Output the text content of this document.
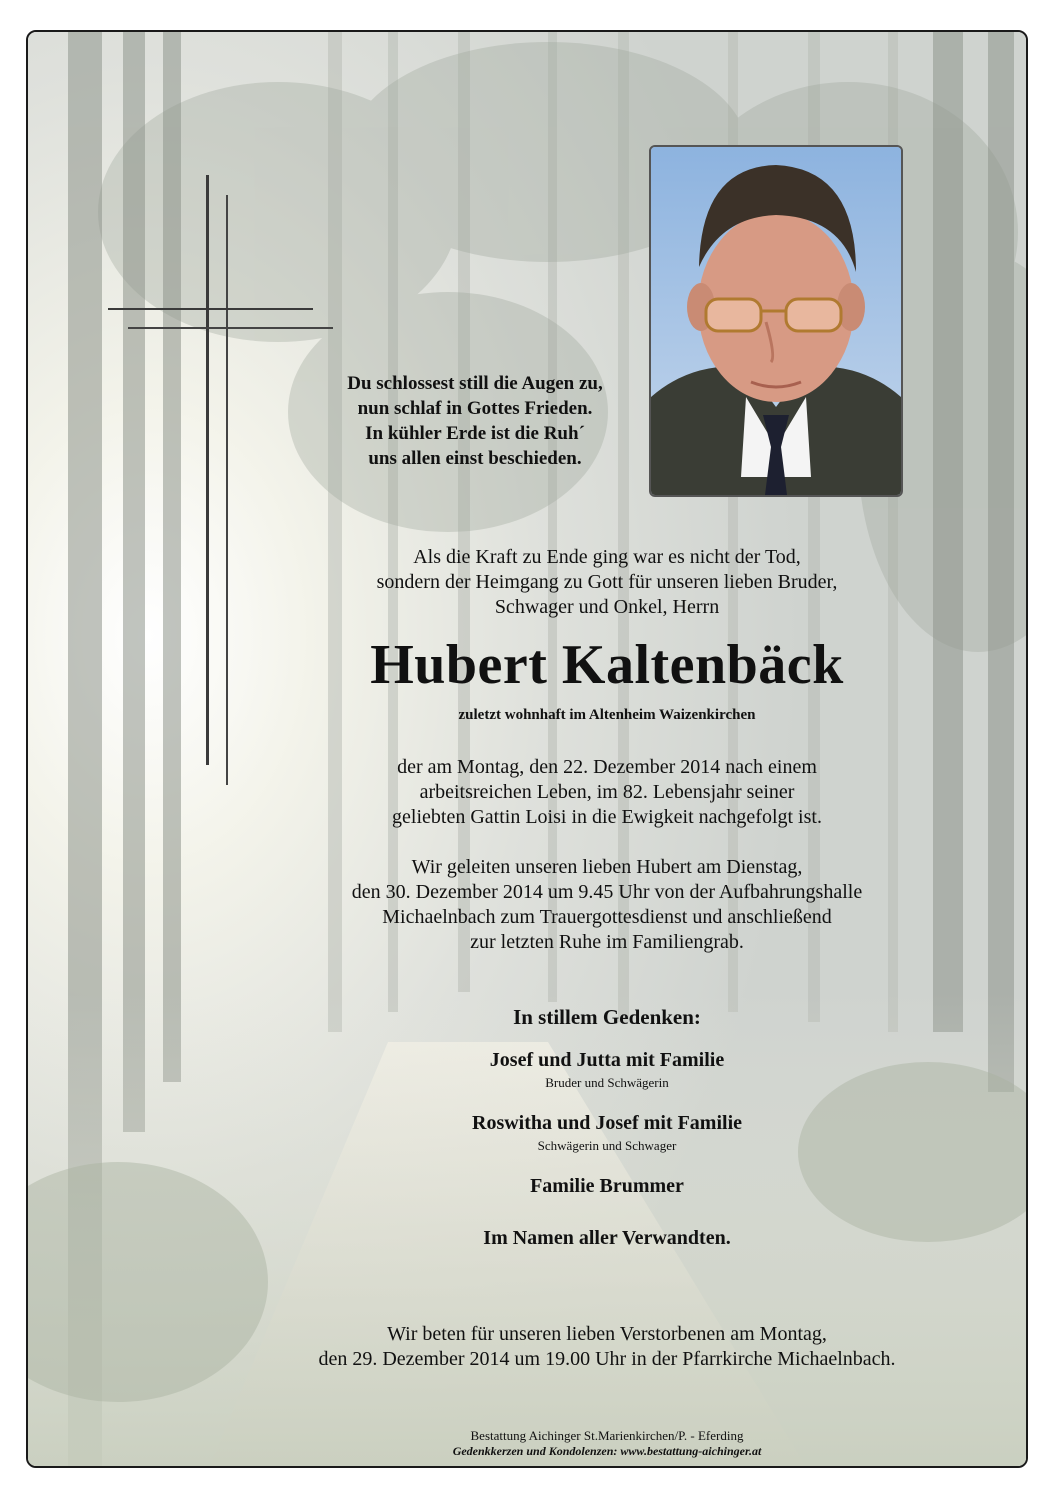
Du schlossest still die Augen zu,
nun schlaf in Gottes Frieden.
In kühler Erde ist die Ruh´
uns allen einst beschieden.
Als die Kraft zu Ende ging war es nicht der Tod,
sondern der Heimgang zu Gott für unseren lieben Bruder,
Schwager und Onkel, Herrn
Hubert Kaltenbäck
zuletzt wohnhaft im Altenheim Waizenkirchen
der am Montag, den 22. Dezember 2014 nach einem
arbeitsreichen Leben, im 82. Lebensjahr seiner
geliebten Gattin Loisi in die Ewigkeit nachgefolgt ist.
Wir geleiten unseren lieben Hubert am Dienstag,
den 30. Dezember 2014 um 9.45 Uhr von der Aufbahrungshalle
Michaelnbach zum Trauergottesdienst und anschließend
zur letzten Ruhe im Familiengrab.
In stillem Gedenken:
Josef und Jutta mit Familie
Bruder und Schwägerin
Roswitha und Josef mit Familie
Schwägerin und Schwager
Familie Brummer
Im Namen aller Verwandten.
Wir beten für unseren lieben Verstorbenen am Montag,
den 29. Dezember 2014 um 19.00 Uhr in der Pfarrkirche Michaelnbach.
Bestattung Aichinger St.Marienkirchen/P. - Eferding
Gedenkkerzen und Kondolenzen: www.bestattung-aichinger.at
